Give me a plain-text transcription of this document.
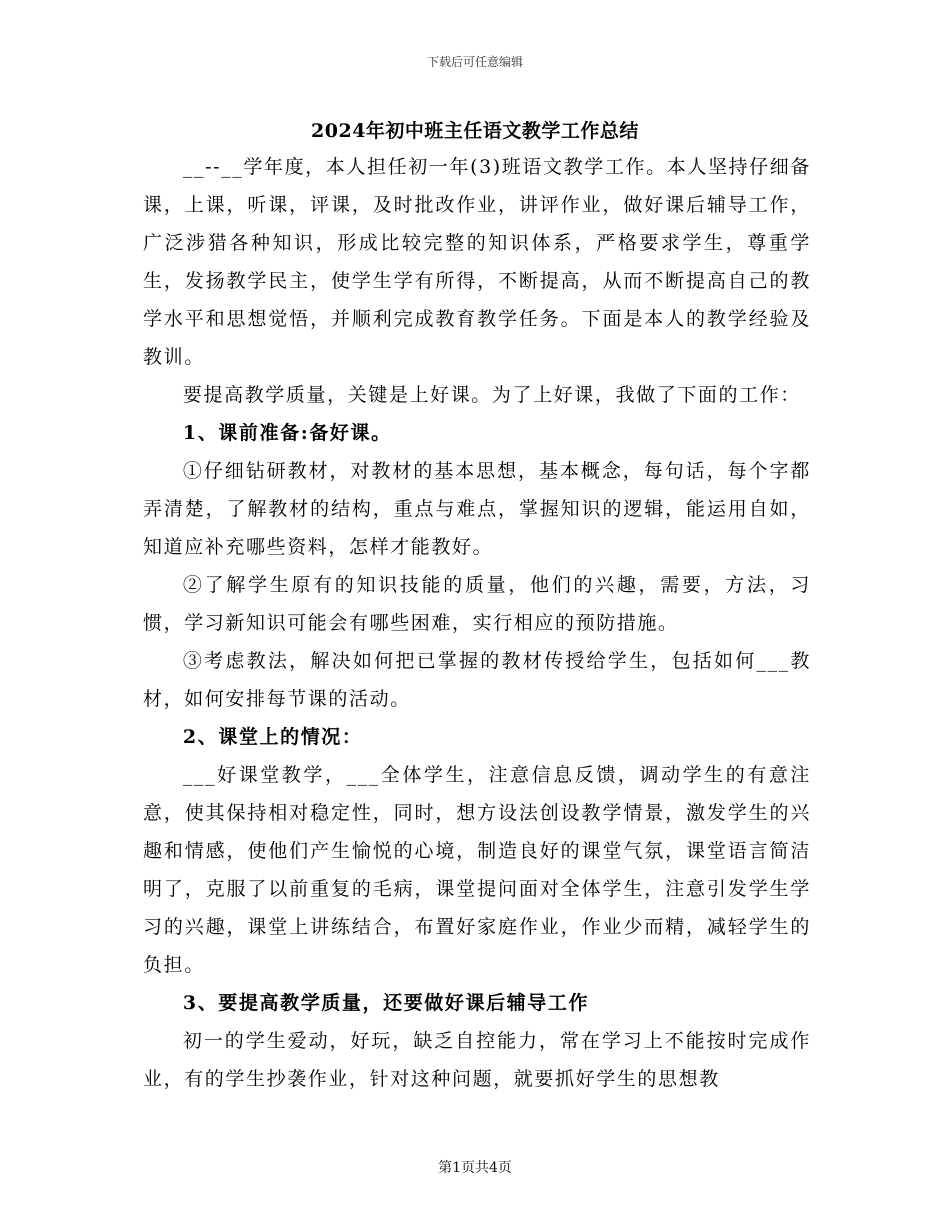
下载后可任意编辑
2024年初中班主任语文教学工作总结

__--__学年度，本人担任初一年(3)班语文教学工作。本人坚持仔细备课，上课，听课，评课，及时批改作业，讲评作业，做好课后辅导工作，广泛涉猎各种知识，形成比较完整的知识体系，严格要求学生，尊重学生，发扬教学民主，使学生学有所得，不断提高，从而不断提高自己的教学水平和思想觉悟，并顺利完成教育教学任务。下面是本人的教学经验及教训。

要提高教学质量，关键是上好课。为了上好课，我做了下面的工作：

1、课前准备:备好课。

①仔细钻研教材，对教材的基本思想，基本概念，每句话，每个字都弄清楚，了解教材的结构，重点与难点，掌握知识的逻辑，能运用自如，知道应补充哪些资料，怎样才能教好。

②了解学生原有的知识技能的质量，他们的兴趣，需要，方法，习惯，学习新知识可能会有哪些困难，实行相应的预防措施。

③考虑教法，解决如何把已掌握的教材传授给学生，包括如何___教材，如何安排每节课的活动。

2、课堂上的情况：

___好课堂教学，___全体学生，注意信息反馈，调动学生的有意注意，使其保持相对稳定性，同时，想方设法创设教学情景，激发学生的兴趣和情感，使他们产生愉悦的心境，制造良好的课堂气氛，课堂语言简洁明了，克服了以前重复的毛病，课堂提问面对全体学生，注意引发学生学习的兴趣，课堂上讲练结合，布置好家庭作业，作业少而精，减轻学生的负担。

3、要提高教学质量，还要做好课后辅导工作

初一的学生爱动，好玩，缺乏自控能力，常在学习上不能按时完成作业，有的学生抄袭作业，针对这种问题，就要抓好学生的思想教

第1页共4页
